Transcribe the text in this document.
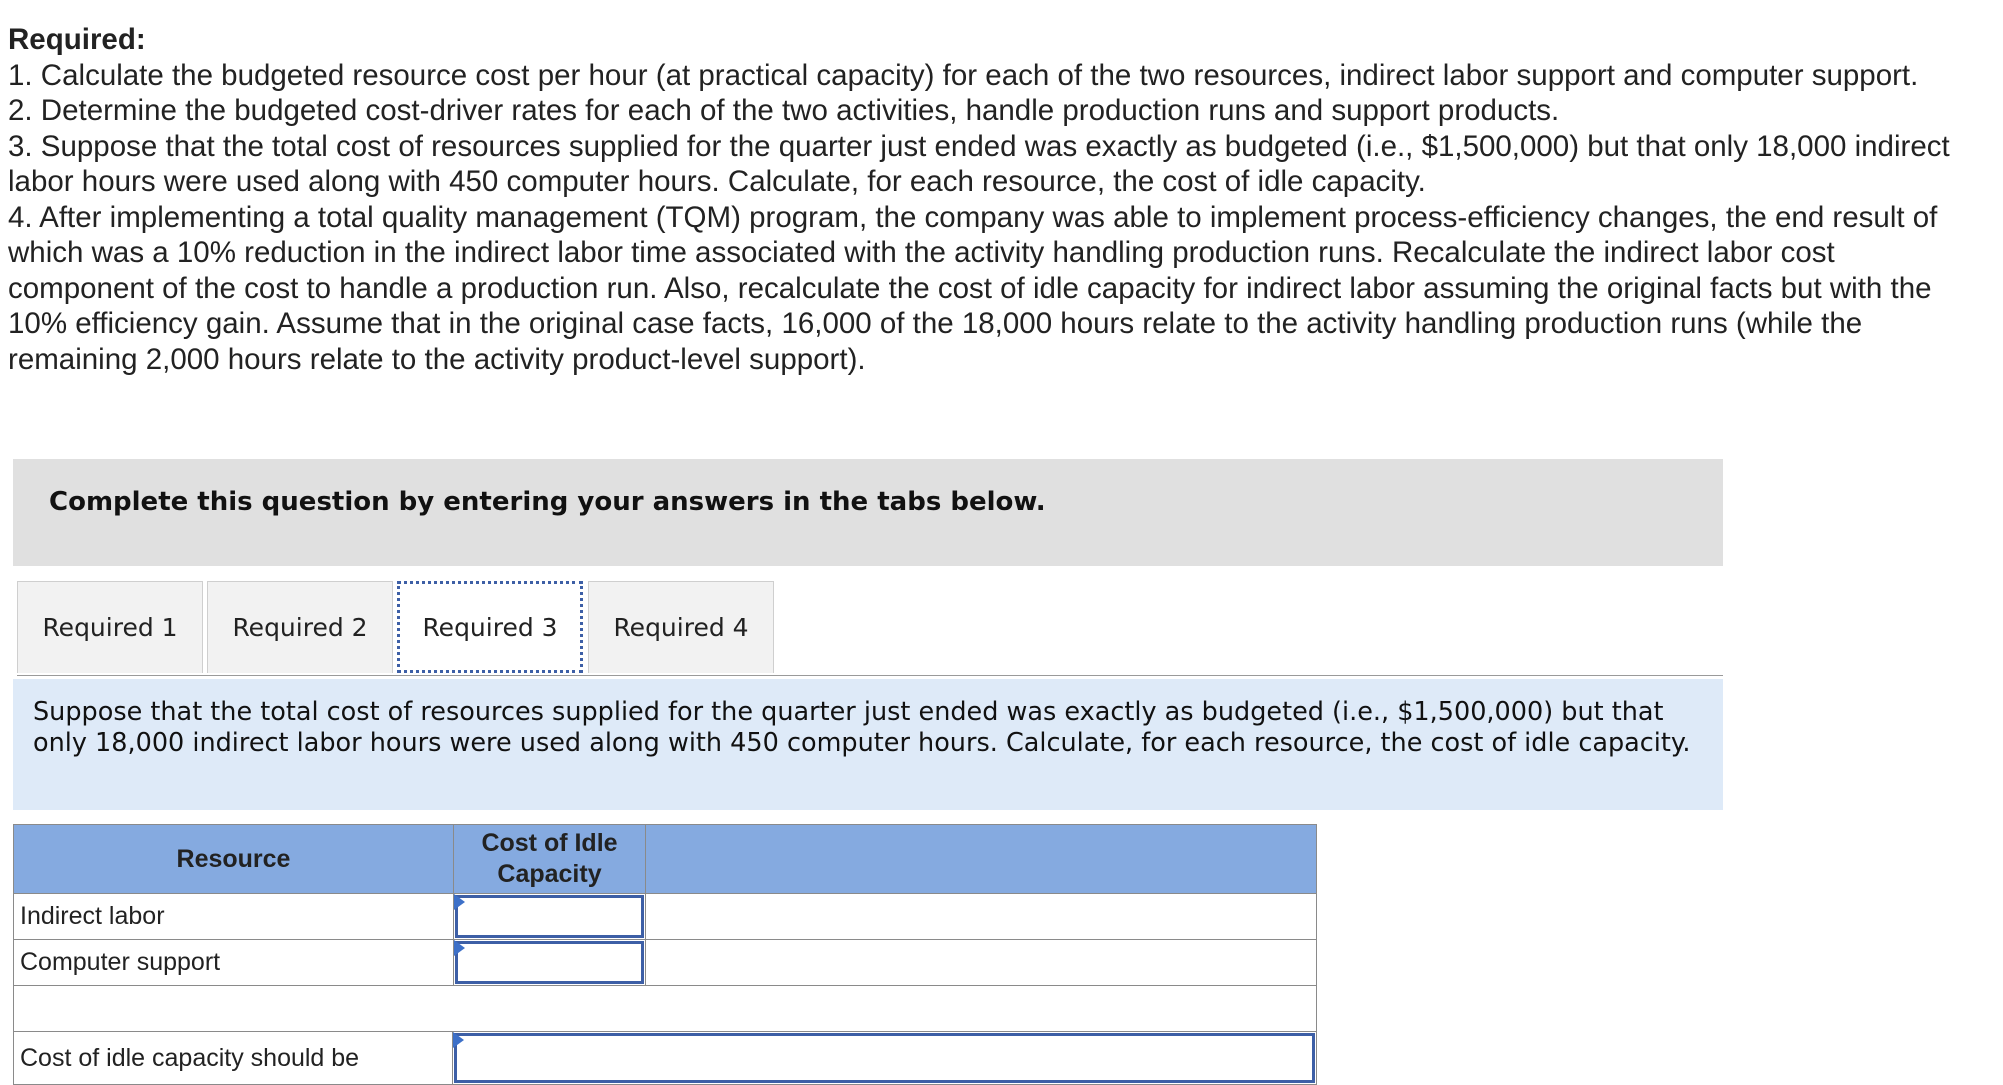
Required:
1. Calculate the budgeted resource cost per hour (at practical capacity) for each of the two resources, indirect labor support and computer support.
2. Determine the budgeted cost-driver rates for each of the two activities, handle production runs and support products.
3. Suppose that the total cost of resources supplied for the quarter just ended was exactly as budgeted (i.e., $1,500,000) but that only 18,000 indirect labor hours were used along with 450 computer hours. Calculate, for each resource, the cost of idle capacity.
4. After implementing a total quality management (TQM) program, the company was able to implement process-efficiency changes, the end result of which was a 10% reduction in the indirect labor time associated with the activity handling production runs. Recalculate the indirect labor cost component of the cost to handle a production run. Also, recalculate the cost of idle capacity for indirect labor assuming the original facts but with the 10% efficiency gain. Assume that in the original case facts, 16,000 of the 18,000 hours relate to the activity handling production runs (while the remaining 2,000 hours relate to the activity product-level support).
Complete this question by entering your answers in the tabs below.
Required 1	Required 2	Required 3	Required 4
Suppose that the total cost of resources supplied for the quarter just ended was exactly as budgeted (i.e., $1,500,000) but that only 18,000 indirect labor hours were used along with 450 computer hours. Calculate, for each resource, the cost of idle capacity.
Resource
Cost of Idle Capacity
Indirect labor
Computer support
Cost of idle capacity should be
